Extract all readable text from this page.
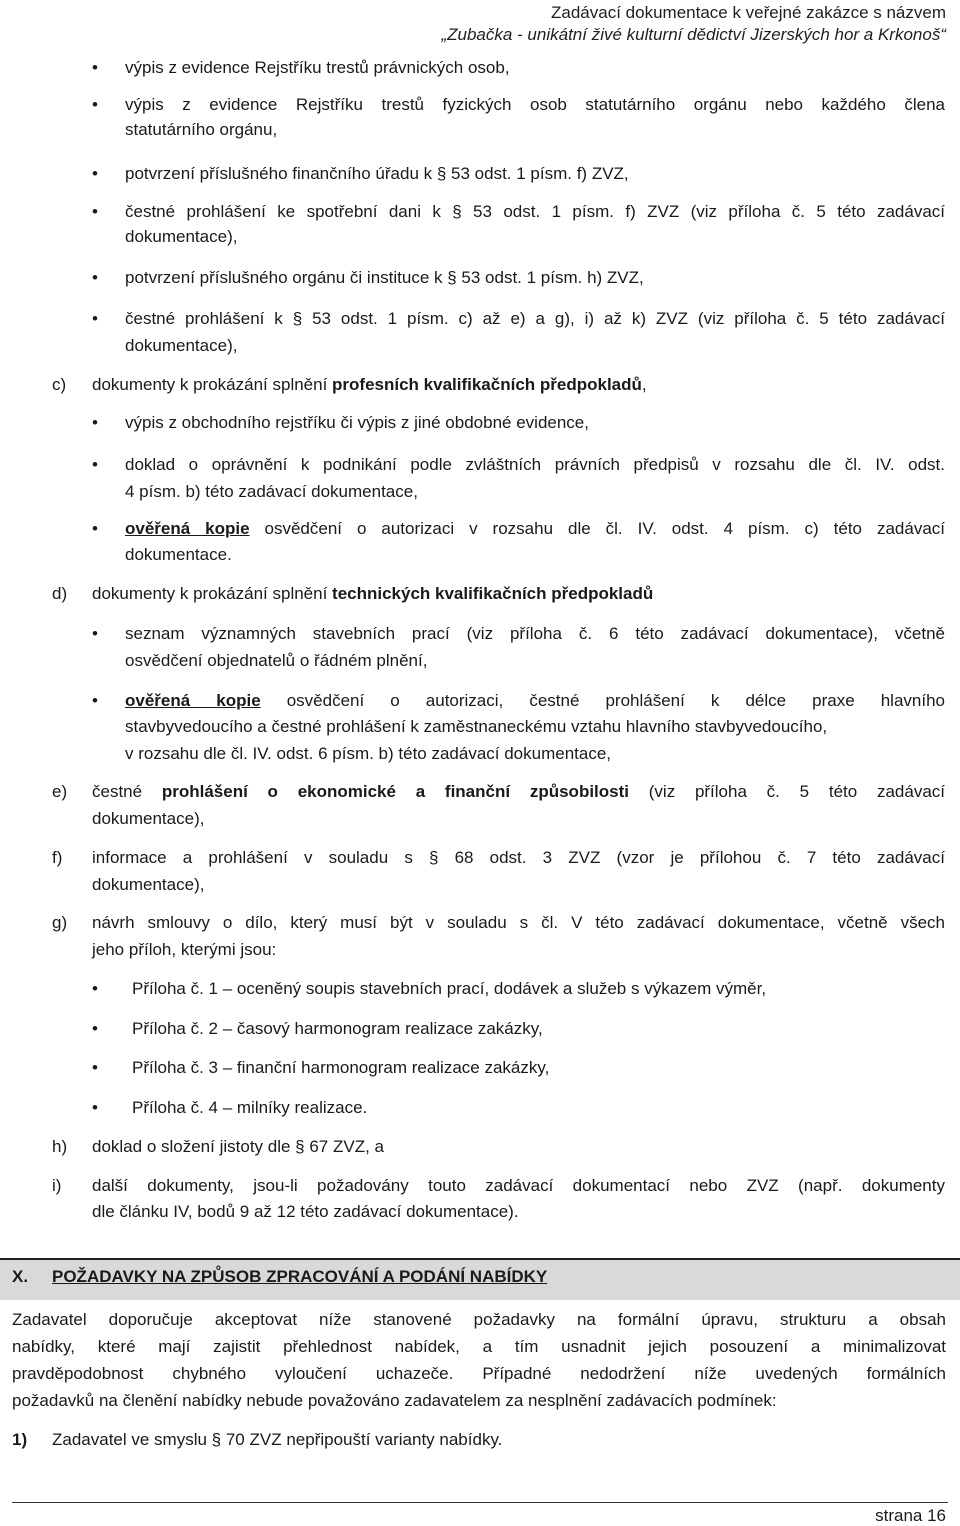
Zadávací dokumentace k veřejné zakázce s názvem
„Zubačka - unikátní živé kulturní dědictví Jizerských hor a Krkonoš“
•
výpis z evidence Rejstříku trestů právnických osob,
•
výpis z evidence Rejstříku trestů fyzických osob statutárního orgánu nebo každého člena
statutárního orgánu,
•
potvrzení příslušného finančního úřadu k § 53 odst. 1 písm. f) ZVZ,
•
čestné prohlášení ke spotřební dani k § 53 odst. 1 písm. f) ZVZ (viz příloha č. 5 této zadávací
dokumentace),
•
potvrzení příslušného orgánu či instituce k § 53 odst. 1 písm. h) ZVZ,
•
čestné prohlášení k § 53 odst. 1 písm. c) až e) a g), i) až k) ZVZ (viz příloha č. 5 této zadávací
dokumentace),
c) dokumenty k prokázání splnění profesních kvalifikačních předpokladů,
•
výpis z obchodního rejstříku či výpis z jiné obdobné evidence,
•
doklad o oprávnění k podnikání podle zvláštních právních předpisů v rozsahu dle čl. IV. odst.
4 písm. b) této zadávací dokumentace,
•
ověřená kopie osvědčení o autorizaci v rozsahu dle čl. IV. odst. 4 písm. c) této zadávací
dokumentace.
d) dokumenty k prokázání splnění technických kvalifikačních předpokladů
•
seznam významných stavebních prací (viz příloha č. 6 této zadávací dokumentace), včetně
osvědčení objednatelů o řádném plnění,
•
ověřená kopie osvědčení o autorizaci, čestné prohlášení k délce praxe hlavního
stavbyvedoucího a čestné prohlášení k zaměstnaneckému vztahu hlavního stavbyvedoucího,
v rozsahu dle čl. IV. odst. 6 písm. b) této zadávací dokumentace,
e) čestné prohlášení o ekonomické a finanční způsobilosti (viz příloha č. 5 této zadávací
dokumentace),
f) informace a prohlášení v souladu s § 68 odst. 3 ZVZ (vzor je přílohou č. 7 této zadávací
dokumentace),
g) návrh smlouvy o dílo, který musí být v souladu s čl. V této zadávací dokumentace, včetně všech
jeho příloh, kterými jsou:
•
Příloha č. 1 – oceněný soupis stavebních prací, dodávek a služeb s výkazem výměr,
•
Příloha č. 2 – časový harmonogram realizace zakázky,
•
Příloha č. 3 – finanční harmonogram realizace zakázky,
•
Příloha č. 4 – milníky realizace.
h) doklad o složení jistoty dle § 67 ZVZ, a
i) další dokumenty, jsou-li požadovány touto zadávací dokumentací nebo ZVZ (např. dokumenty
dle článku IV, bodů 9 až 12 této zadávací dokumentace).
X. POŽADAVKY NA ZPŮSOB ZPRACOVÁNÍ A PODÁNÍ NABÍDKY
Zadavatel doporučuje akceptovat níže stanovené požadavky na formální úpravu, strukturu a obsah
nabídky, které mají zajistit přehlednost nabídek, a tím usnadnit jejich posouzení a minimalizovat
pravděpodobnost chybného vyloučení uchazeče. Případné nedodržení níže uvedených formálních
požadavků na členění nabídky nebude považováno zadavatelem za nesplnění zadávacích podmínek:
1) Zadavatel ve smyslu § 70 ZVZ nepřipouští varianty nabídky.
strana 16
